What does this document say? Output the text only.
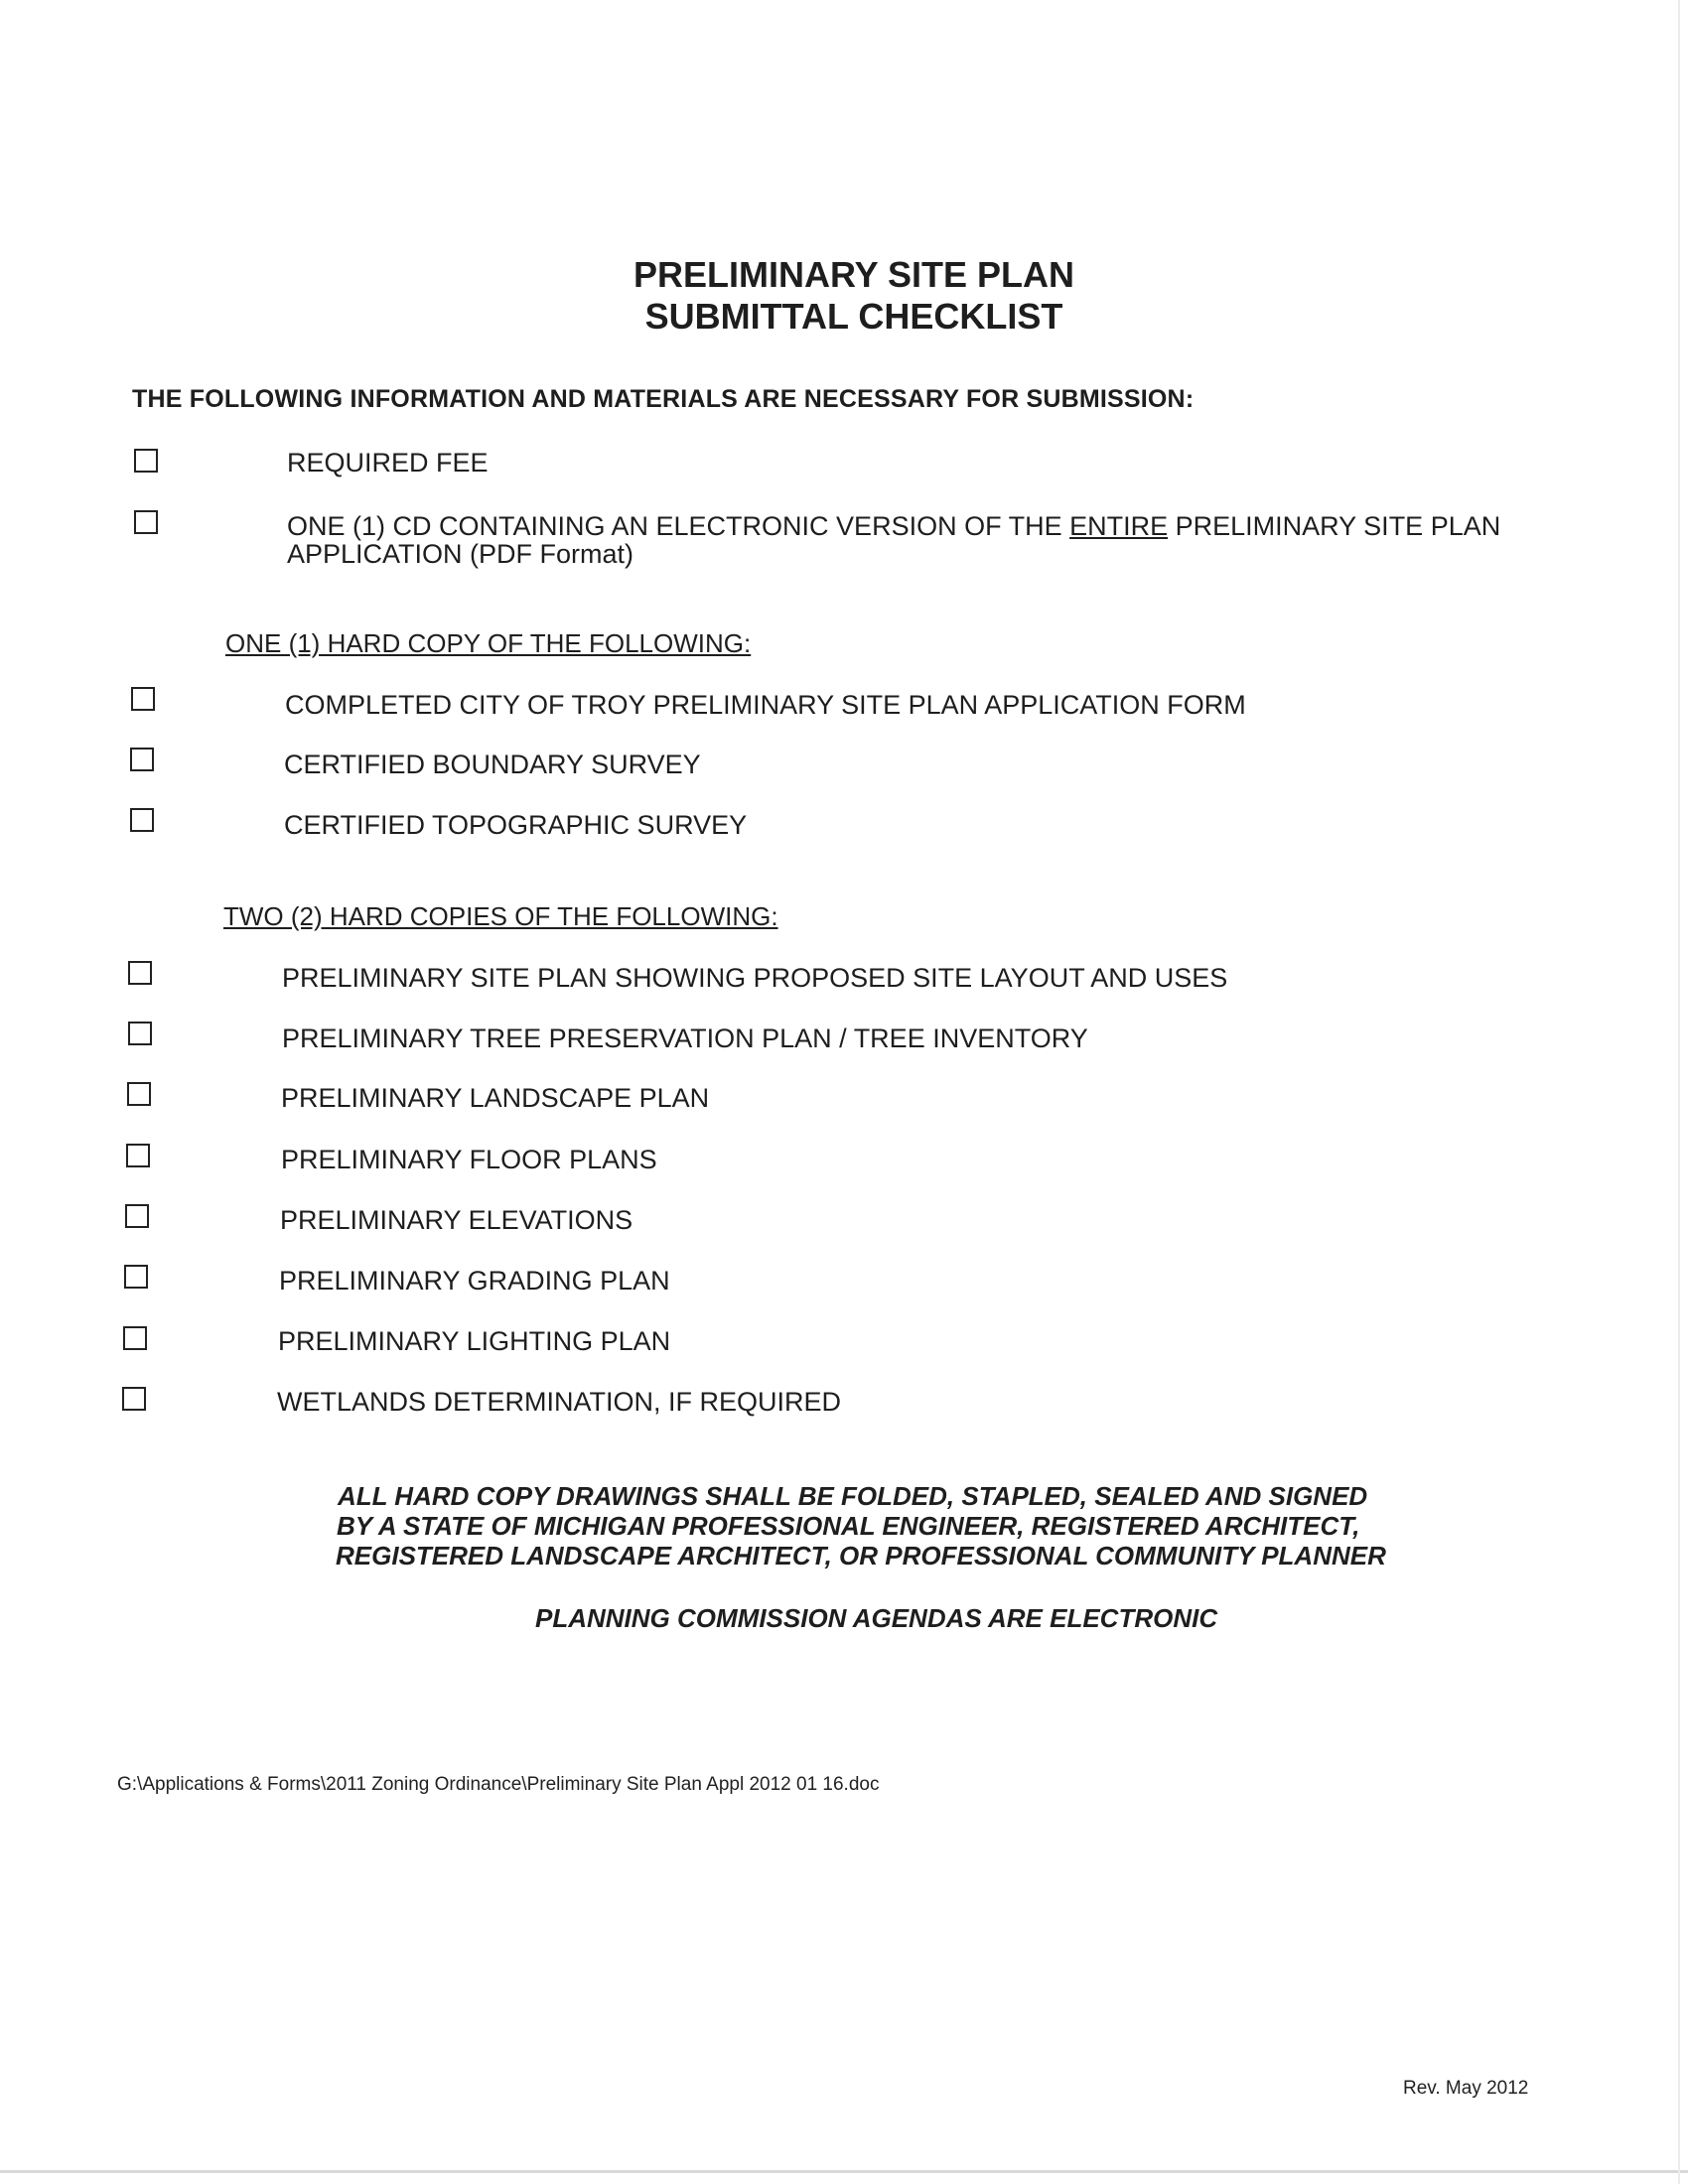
PRELIMINARY SITE PLAN
SUBMITTAL CHECKLIST
THE FOLLOWING INFORMATION AND MATERIALS ARE NECESSARY FOR SUBMISSION:
REQUIRED FEE
ONE (1) CD CONTAINING AN ELECTRONIC VERSION OF THE ENTIRE PRELIMINARY SITE PLAN
APPLICATION (PDF Format)
ONE (1) HARD COPY OF THE FOLLOWING:
COMPLETED CITY OF TROY PRELIMINARY SITE PLAN APPLICATION FORM
CERTIFIED BOUNDARY SURVEY
CERTIFIED TOPOGRAPHIC SURVEY
TWO (2) HARD COPIES OF THE FOLLOWING:
PRELIMINARY SITE PLAN SHOWING PROPOSED SITE LAYOUT AND USES
PRELIMINARY TREE PRESERVATION PLAN / TREE INVENTORY
PRELIMINARY LANDSCAPE PLAN
PRELIMINARY FLOOR PLANS
PRELIMINARY ELEVATIONS
PRELIMINARY GRADING PLAN
PRELIMINARY LIGHTING PLAN
WETLANDS DETERMINATION, IF REQUIRED
ALL HARD COPY DRAWINGS SHALL BE FOLDED, STAPLED, SEALED AND SIGNED
BY A STATE OF MICHIGAN PROFESSIONAL ENGINEER, REGISTERED ARCHITECT,
REGISTERED LANDSCAPE ARCHITECT, OR PROFESSIONAL COMMUNITY PLANNER
PLANNING COMMISSION AGENDAS ARE ELECTRONIC
G:\Applications & Forms\2011 Zoning Ordinance\Preliminary Site Plan Appl 2012 01 16.doc
Rev. May 2012
